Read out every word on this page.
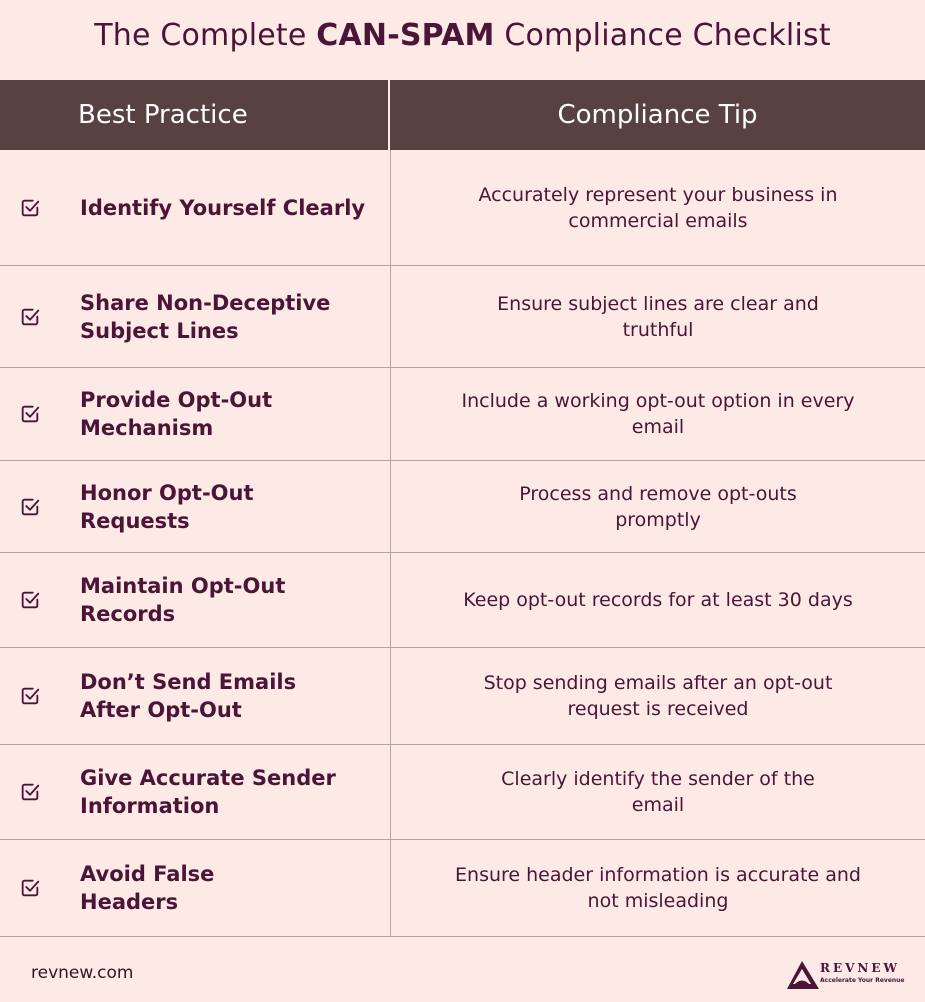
The Complete CAN-SPAM Compliance Checklist
Best Practice	Compliance Tip
Identify Yourself Clearly
Accurately represent your business in commercial emails
Share Non-Deceptive Subject Lines
Ensure subject lines are clear and truthful
Provide Opt-Out Mechanism
Include a working opt-out option in every email
Honor Opt-Out Requests
Process and remove opt-outs promptly
Maintain Opt-Out Records
Keep opt-out records for at least 30 days
Don’t Send Emails After Opt-Out
Stop sending emails after an opt-out request is received
Give Accurate Sender Information
Clearly identify the sender of the email
Avoid False Headers
Ensure header information is accurate and not misleading
revnew.com	REVNEW
Accelerate Your Revenue
